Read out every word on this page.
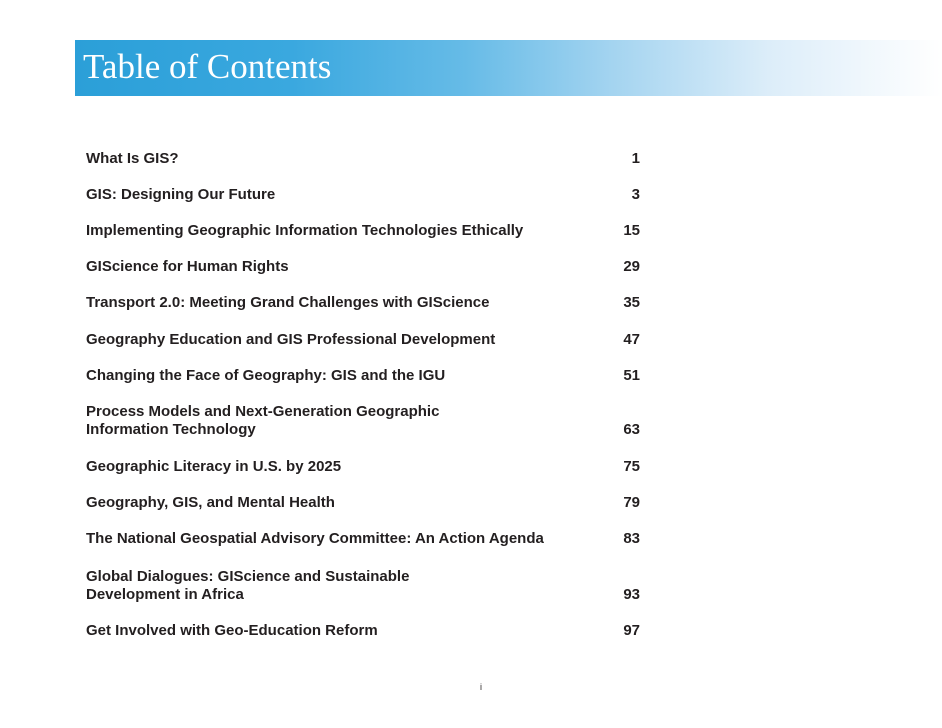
Table of Contents
What Is GIS?	1
GIS: Designing Our Future	3
Implementing Geographic Information Technologies Ethically	15
GIScience for Human Rights	29
Transport 2.0: Meeting Grand Challenges with GIScience	35
Geography Education and GIS Professional Development	47
Changing the Face of Geography: GIS and the IGU	51
Process Models and Next-Generation Geographic
Information Technology	63
Geographic Literacy in U.S. by 2025	75
Geography, GIS, and Mental Health	79
The National Geospatial Advisory Committee: An Action Agenda	83
Global Dialogues: GIScience and Sustainable
Development in Africa	93
Get Involved with Geo-Education Reform	97
i
